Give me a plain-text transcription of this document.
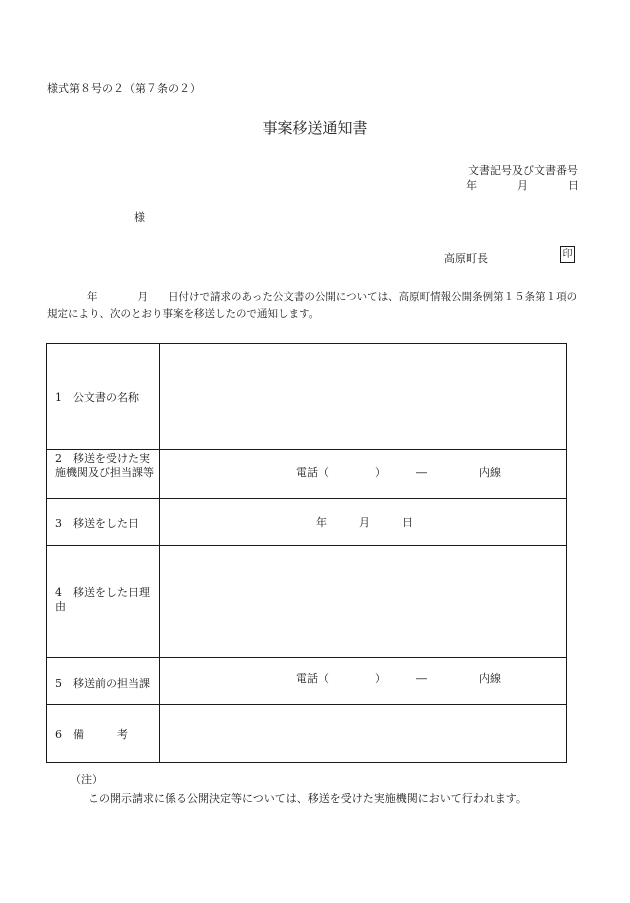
様式第８号の２（第７条の２）
事案移送通知書
文書記号及び文書番号
年	月	日
様
高原町長	印
年	月 日付けで請求のあった公文書の公開については、高原町情報公開条例第１５条第１項の規定により、次のとおり事案を移送したので通知します。
1　公文書の名称	

2　移送を受けた実施機関及び担当課等	電話（ ） ― 内線

3　移送をした日	年 月 日

4　移送をした日理由	

5　移送前の担当課	電話（ ） ― 内線

6　備　　　考	

（注）
この開示請求に係る公開決定等については、移送を受けた実施機関において行われます。
